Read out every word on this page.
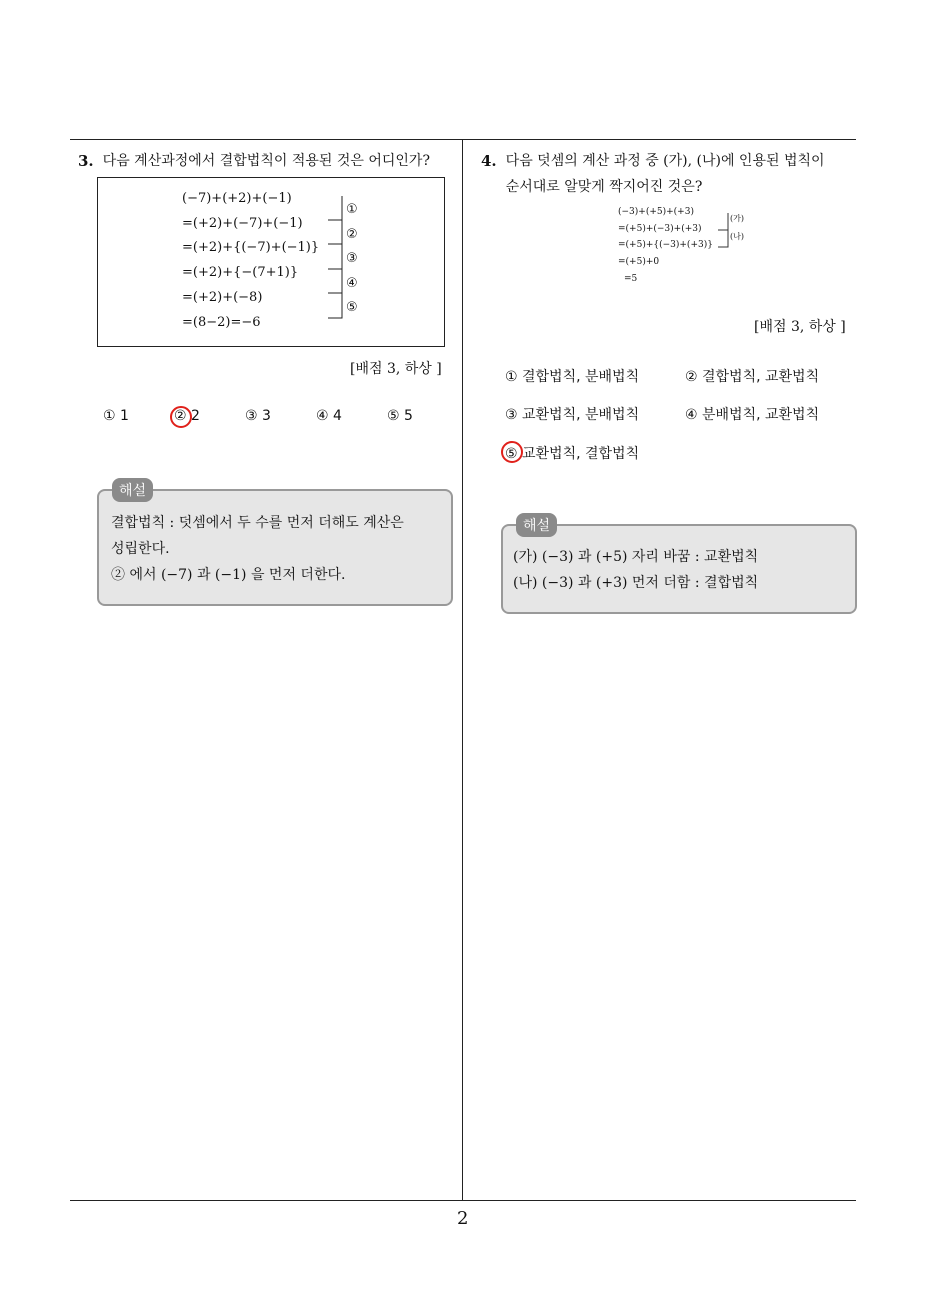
3. 다음 계산과정에서 결합법칙이 적용된 것은 어디인가?
(−7)+(+2)+(−1)
=(+2)+(−7)+(−1)
=(+2)+{(−7)+(−1)}
=(+2)+{−(7+1)}
=(+2)+(−8)
=(8−2)=−6
①
②
③
④
⑤
[배점 3, 하상 ]
① 1	② 2	③ 3	④ 4	⑤ 5
해설
결합법칙 : 덧셈에서 두 수를 먼저 더해도 계산은
성립한다.
② 에서 (−7) 과 (−1) 을 먼저 더한다.
4. 다음 덧셈의 계산 과정 중 (가), (나)에 인용된 법칙이
순서대로 알맞게 짝지어진 것은?
(−3)+(+5)+(+3)
=(+5)+(−3)+(+3)
=(+5)+{(−3)+(+3)}
=(+5)+0
=5
(가)
(나)
[배점 3, 하상 ]
① 결합법칙, 분배법칙	② 결합법칙, 교환법칙
③ 교환법칙, 분배법칙	④ 분배법칙, 교환법칙
⑤ 교환법칙, 결합법칙
해설
(가) (−3) 과 (+5) 자리 바꿈 : 교환법칙
(나) (−3) 과 (+3) 먼저 더함 : 결합법칙
2
